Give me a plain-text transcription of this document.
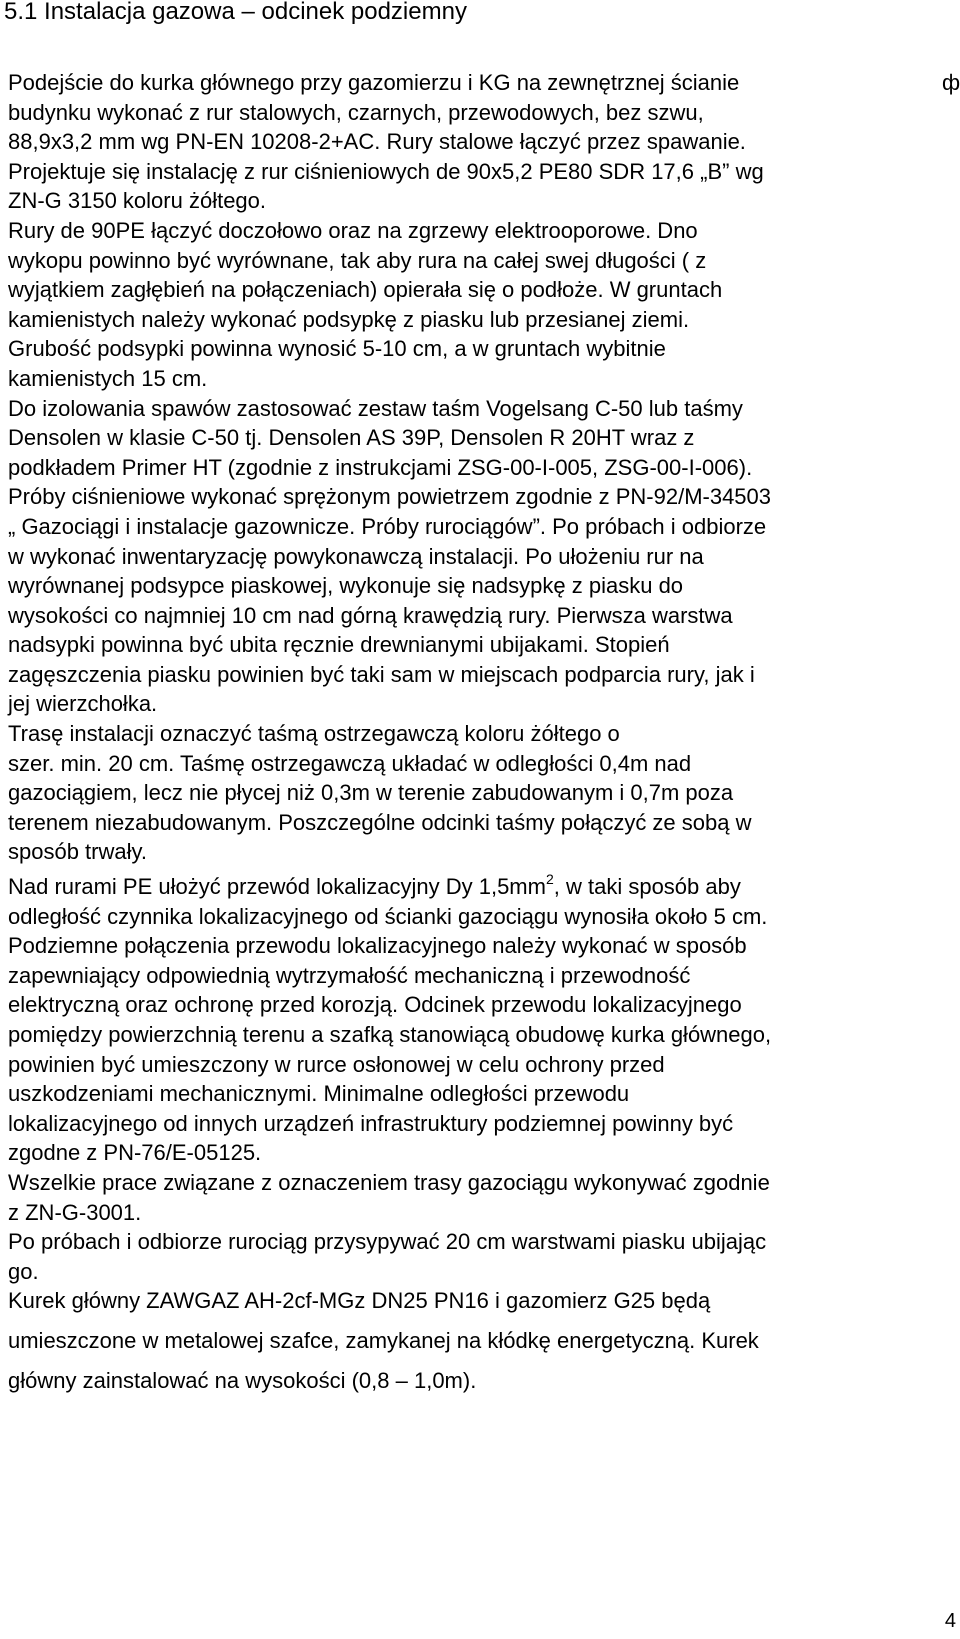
5.1 Instalacja gazowa – odcinek podziemny
ф
Podejście do kurka głównego przy gazomierzu i KG na zewnętrznej ścianie
budynku wykonać z rur stalowych, czarnych, przewodowych, bez szwu,
88,9x3,2 mm wg PN-EN 10208-2+AC. Rury stalowe łączyć przez spawanie.
Projektuje się instalację z rur ciśnieniowych de 90x5,2 PE80 SDR 17,6 „B” wg
ZN-G 3150 koloru żółtego.
Rury de 90PE łączyć doczołowo oraz na zgrzewy elektrooporowe. Dno
wykopu powinno być wyrównane, tak aby rura na całej swej długości ( z
wyjątkiem zagłębień na połączeniach) opierała się o podłoże. W gruntach
kamienistych należy wykonać podsypkę z piasku lub przesianej ziemi.
Grubość podsypki powinna wynosić 5-10 cm, a w gruntach wybitnie
kamienistych 15 cm.
Do izolowania spawów zastosować zestaw taśm Vogelsang C-50 lub taśmy
Densolen w klasie C-50 tj. Densolen AS 39P, Densolen R 20HT wraz z
podkładem Primer HT (zgodnie z instrukcjami ZSG-00-I-005, ZSG-00-I-006).
Próby ciśnieniowe wykonać sprężonym powietrzem zgodnie z PN-92/M-34503
„ Gazociągi i instalacje gazownicze. Próby rurociągów”. Po próbach i odbiorze
w wykonać inwentaryzację powykonawczą instalacji. Po ułożeniu rur na
wyrównanej podsypce piaskowej, wykonuje się nadsypkę z piasku do
wysokości co najmniej 10 cm nad górną krawędzią rury. Pierwsza warstwa
nadsypki powinna być ubita ręcznie drewnianymi ubijakami. Stopień
zagęszczenia piasku powinien być taki sam w miejscach podparcia rury, jak i
jej wierzchołka.
Trasę instalacji oznaczyć taśmą ostrzegawczą koloru żółtego o
szer. min. 20 cm. Taśmę ostrzegawczą układać w odległości 0,4m nad
gazociągiem, lecz nie płycej niż 0,3m w terenie zabudowanym i 0,7m poza
terenem niezabudowanym. Poszczególne odcinki taśmy połączyć ze sobą w
sposób trwały.
Nad rurami PE ułożyć przewód lokalizacyjny Dy $1,5mm^2$, w taki sposób aby
odległość czynnika lokalizacyjnego od ścianki gazociągu wynosiła około 5 cm.
Podziemne połączenia przewodu lokalizacyjnego należy wykonać w sposób
zapewniający odpowiednią wytrzymałość mechaniczną i przewodność
elektryczną oraz ochronę przed korozją. Odcinek przewodu lokalizacyjnego
pomiędzy powierzchnią terenu a szafką stanowiącą obudowę kurka głównego,
powinien być umieszczony w rurce osłonowej w celu ochrony przed
uszkodzeniami mechanicznymi. Minimalne odległości przewodu
lokalizacyjnego od innych urządzeń infrastruktury podziemnej powinny być
zgodne z PN-76/E-05125.
Wszelkie prace związane z oznaczeniem trasy gazociągu wykonywać zgodnie
z ZN-G-3001.
Po próbach i odbiorze rurociąg przysypywać 20 cm warstwami piasku ubijając
go.
Kurek główny ZAWGAZ AH-2cf-MGz DN25 PN16 i gazomierz G25 będą
umieszczone w metalowej szafce, zamykanej na kłódkę energetyczną. Kurek
główny zainstalować na wysokości (0,8 – 1,0m).
4
